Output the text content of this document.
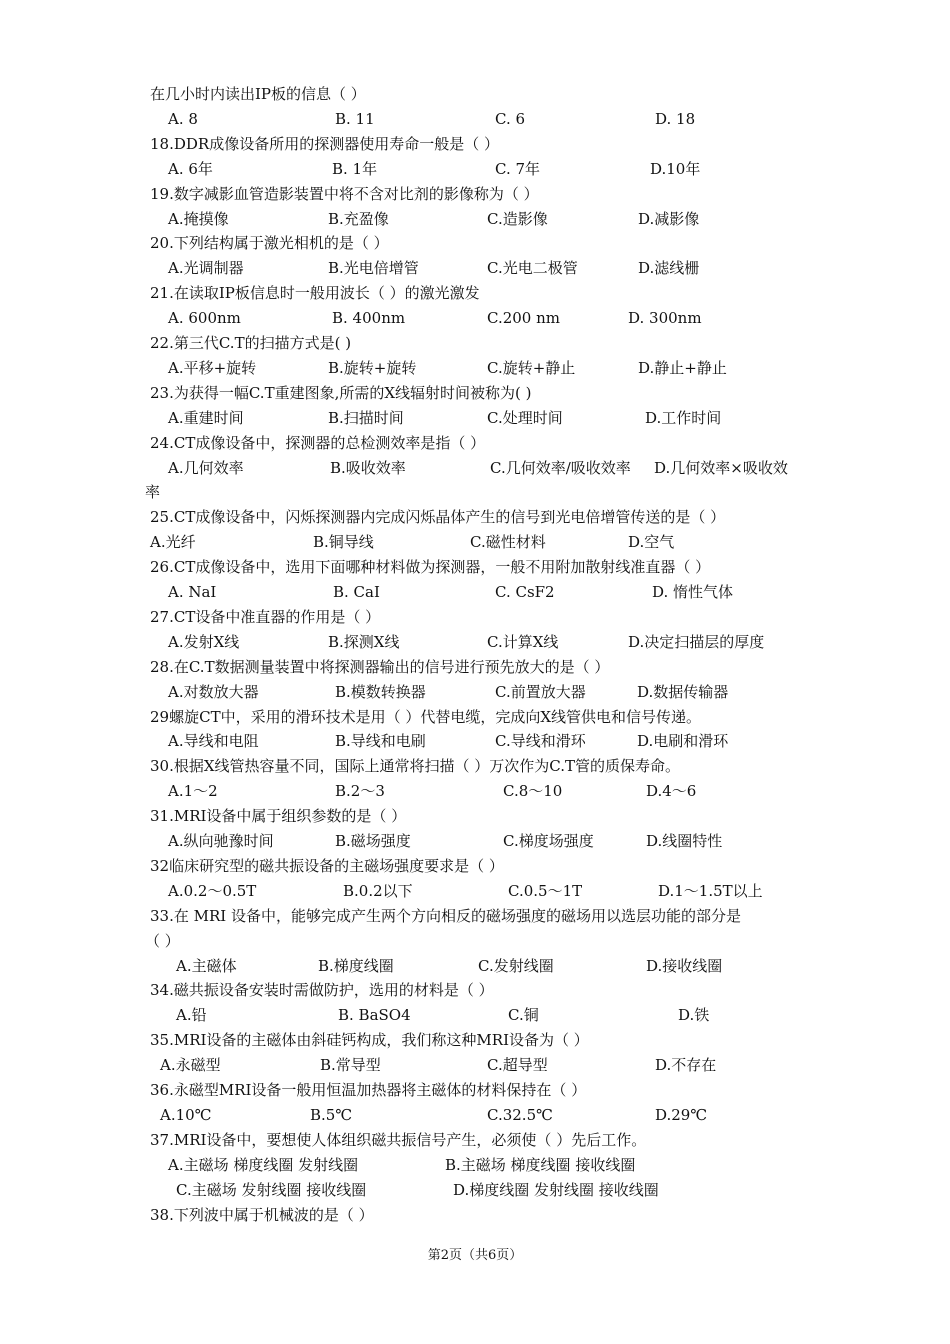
在几小时内读出IP板的信息（ ）
A. 8	B. 11	C. 6	D. 18
18.DDR成像设备所用的探测器使用寿命一般是（ ）
A. 6年	B. 1年	C. 7年	D.10年
19.数字减影血管造影装置中将不含对比剂的影像称为（ ）
A.掩摸像	B.充盈像	C.造影像	D.减影像
20.下列结构属于激光相机的是（ ）
A.光调制器	B.光电倍增管	C.光电二极管	D.滤线栅
21.在读取IP板信息时一般用波长（ ）的激光激发
A. 600nm	B. 400nm	C.200 nm	D. 300nm
22.第三代C.T的扫描方式是( )
A.平移+旋转	B.旋转+旋转	C.旋转+静止	D.静止+静止
23.为获得一幅C.T重建图象,所需的X线辐射时间被称为( )
A.重建时间	B.扫描时间	C.处理时间	D.工作时间
24.CT成像设备中，探测器的总检测效率是指（ ）
A.几何效率	B.吸收效率	C.几何效率/吸收效率 D.几何效率×吸收效
率
25.CT成像设备中，闪烁探测器内完成闪烁晶体产生的信号到光电倍增管传送的是（ ）
A.光纤	B.铜导线	C.磁性材料	D.空气
26.CT成像设备中，选用下面哪种材料做为探测器，一般不用附加散射线准直器（ ）
A. NaI	B. CaI	C. CsF2	D. 惰性气体
27.CT设备中准直器的作用是（ ）
A.发射X线	B.探测X线	C.计算X线	D.决定扫描层的厚度
28.在C.T数据测量装置中将探测器输出的信号进行预先放大的是（ ）
A.对数放大器	B.模数转换器	C.前置放大器	D.数据传输器
29螺旋CT中，采用的滑环技术是用（ ）代替电缆，完成向X线管供电和信号传递。
A.导线和电阻	B.导线和电刷	C.导线和滑环	D.电刷和滑环
30.根据X线管热容量不同，国际上通常将扫描（ ）万次作为C.T管的质保寿命。
A.1～2	B.2～3	C.8～10	D.4～6
31.MRI设备中属于组织参数的是（ ）
A.纵向驰豫时间	B.磁场强度	C.梯度场强度	D.线圈特性
32临床研究型的磁共振设备的主磁场强度要求是（ ）
A.0.2～0.5T	B.0.2以下	C.0.5～1T	D.1～1.5T以上
33.在 MRI 设备中，能够完成产生两个方向相反的磁场强度的磁场用以选层功能的部分是
（ ）
A.主磁体	B.梯度线圈	C.发射线圈	D.接收线圈
34.磁共振设备安装时需做防护，选用的材料是（ ）
A.铅	B. BaSO4	C.铜	D.铁
35.MRI设备的主磁体由斜硅钙构成，我们称这种MRI设备为（ ）
A.永磁型	B.常导型	C.超导型	D.不存在
36.永磁型MRI设备一般用恒温加热器将主磁体的材料保持在（ ）
A.10℃	B.5℃	C.32.5℃	D.29℃
37.MRI设备中，要想使人体组织磁共振信号产生，必须使（ ）先后工作。
A.主磁场 梯度线圈 发射线圈	B.主磁场 梯度线圈 接收线圈
C.主磁场 发射线圈 接收线圈	D.梯度线圈 发射线圈 接收线圈
38.下列波中属于机械波的是（ ）
第2页（共6页）
